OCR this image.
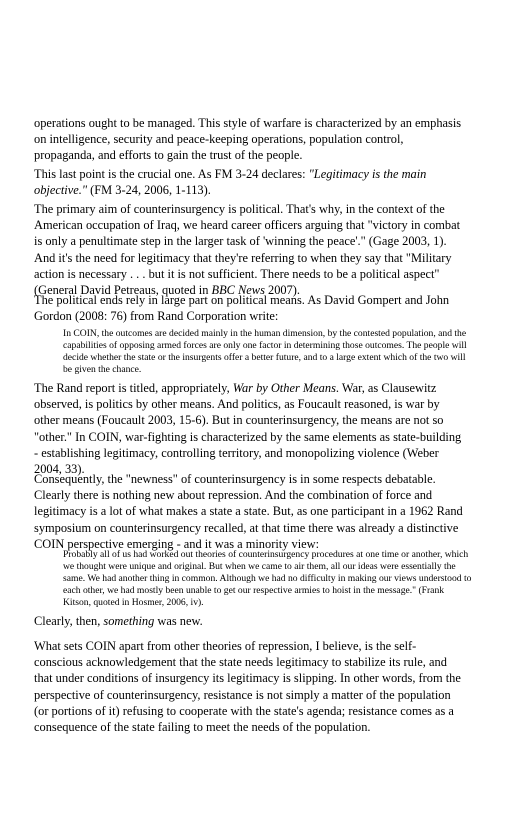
operations ought to be managed. This style of warfare is characterized by an emphasis on intelligence, security and peace-keeping operations, population control, propaganda, and efforts to gain the trust of the people.

This last point is the crucial one. As FM 3-24 declares: "Legitimacy is the main objective." (FM 3-24, 2006, 1-113).

The primary aim of counterinsurgency is political. That's why, in the context of the American occupation of Iraq, we heard career officers arguing that "victory in combat is only a penultimate step in the larger task of 'winning the peace'." (Gage 2003, 1). And it's the need for legitimacy that they're referring to when they say that "Military action is necessary . . . but it is not sufficient. There needs to be a political aspect" (General David Petreaus, quoted in BBC News 2007).

The political ends rely in large part on political means. As David Gompert and John Gordon (2008: 76) from Rand Corporation write:

In COIN, the outcomes are decided mainly in the human dimension, by the contested population, and the capabilities of opposing armed forces are only one factor in determining those outcomes. The people will decide whether the state or the insurgents offer a better future, and to a large extent which of the two will be given the chance.

The Rand report is titled, appropriately, War by Other Means. War, as Clausewitz observed, is politics by other means. And politics, as Foucault reasoned, is war by other means (Foucault 2003, 15-6). But in counterinsurgency, the means are not so "other." In COIN, war-fighting is characterized by the same elements as state-building - establishing legitimacy, controlling territory, and monopolizing violence (Weber 2004, 33).

Consequently, the "newness" of counterinsurgency is in some respects debatable. Clearly there is nothing new about repression. And the combination of force and legitimacy is a lot of what makes a state a state. But, as one participant in a 1962 Rand symposium on counterinsurgency recalled, at that time there was already a distinctive COIN perspective emerging - and it was a minority view:

Probably all of us had worked out theories of counterinsurgency procedures at one time or another, which we thought were unique and original. But when we came to air them, all our ideas were essentially the same. We had another thing in common. Although we had no difficulty in making our views understood to each other, we had mostly been unable to get our respective armies to hoist in the message." (Frank Kitson, quoted in Hosmer, 2006, iv).

Clearly, then, something was new.

What sets COIN apart from other theories of repression, I believe, is the self-conscious acknowledgement that the state needs legitimacy to stabilize its rule, and that under conditions of insurgency its legitimacy is slipping. In other words, from the perspective of counterinsurgency, resistance is not simply a matter of the population (or portions of it) refusing to cooperate with the state's agenda; resistance comes as a consequence of the state failing to meet the needs of the population.
